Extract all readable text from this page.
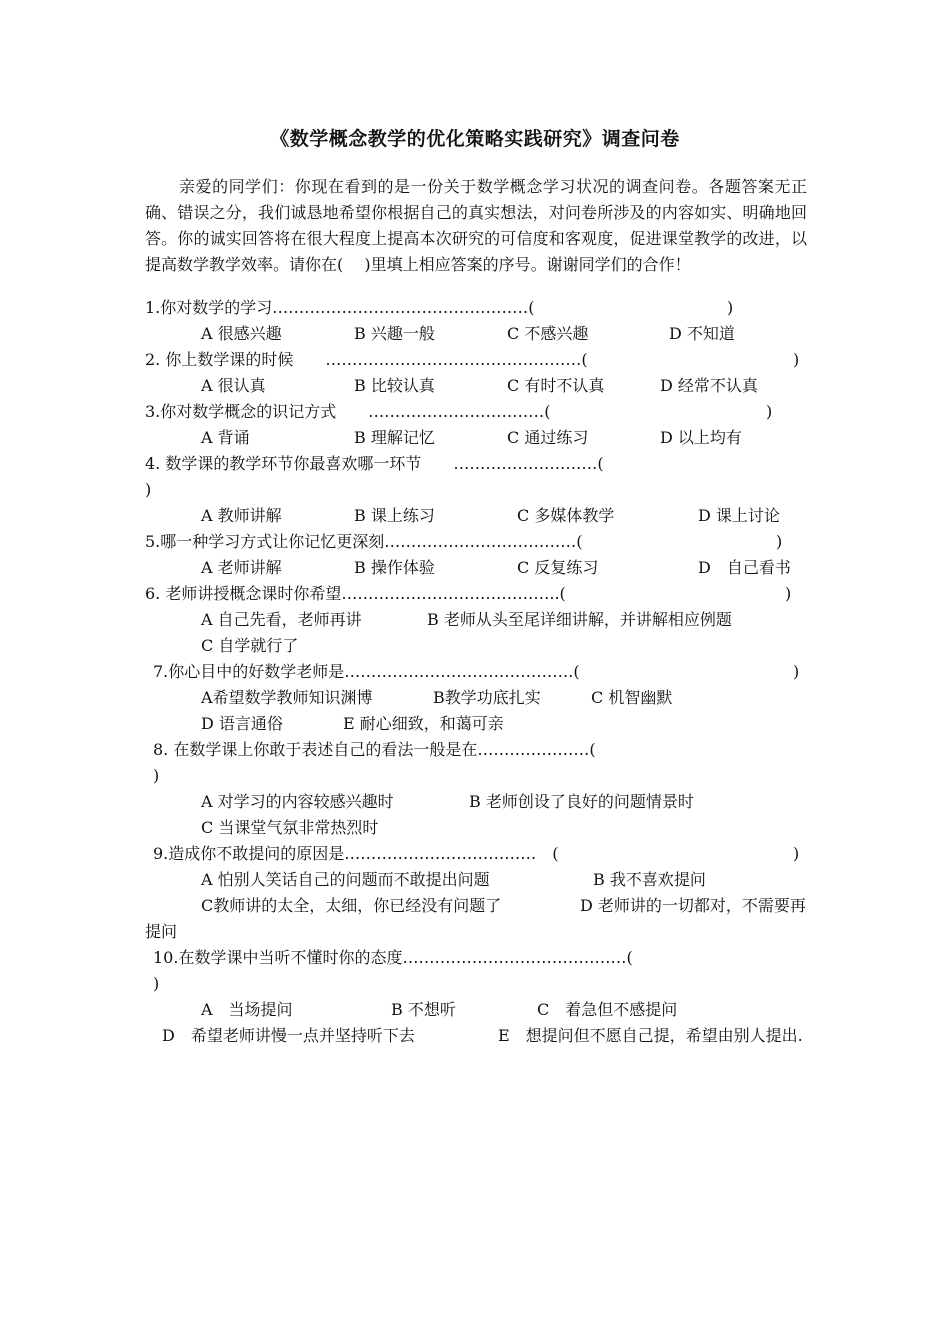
《数学概念教学的优化策略实践研究》调查问卷
亲爱的同学们：你现在看到的是一份关于数学概念学习状况的调查问卷。各题答案无正确、错误之分，我们诚恳地希望你根据自己的真实想法，对问卷所涉及的内容如实、明确地回答。你的诚实回答将在很大程度上提高本次研究的可信度和客观度，促进课堂教学的改进，以提高数学教学效率。请你在(　 )里填上相应答案的序号。谢谢同学们的合作！
1.你对数学的学习…………………………………………(	)
A 很感兴趣	B 兴趣一般	C 不感兴趣	D 不知道
2. 你上数学课的时候　　…………………………………………(	)
A 很认真	B 比较认真	C 有时不认真	D 经常不认真
3.你对数学概念的识记方式　　……………………………(	)
A 背诵	B 理解记忆	C 通过练习	D 以上均有
4. 数学课的教学环节你最喜欢哪一环节　　………………………(
)
A 教师讲解	B 课上练习	C 多媒体教学	D 课上讨论
5.哪一种学习方式让你记忆更深刻………………………………(	)
A 老师讲解	B 操作体验	C 反复练习	D　自己看书
6. 老师讲授概念课时你希望…………………………………..(	)
A 自己先看，老师再讲	B 老师从头至尾详细讲解，并讲解相应例题
C 自学就行了
7.你心目中的好数学老师是…………………………………….(	)
A希望数学教师知识渊博	B教学功底扎实	C 机智幽默
D 语言通俗	E 耐心细致，和蔼可亲
8. 在数学课上你敢于表述自己的看法一般是在…………………(
)
A 对学习的内容较感兴趣时	B 老师创设了良好的问题情景时
C 当课堂气氛非常热烈时
9.造成你不敢提问的原因是………………………………　(	)
A 怕别人笑话自己的问题而不敢提出问题	B 我不喜欢提问
C教师讲的太全，太细，你已经没有问题了	D 老师讲的一切都对，不需要再提问
10.在数学课中当听不懂时你的态度……………………………………(
)
A　当场提问	B 不想听	C　着急但不感提问
D　希望老师讲慢一点并坚持听下去	E　想提问但不愿自己提，希望由别人提出.
